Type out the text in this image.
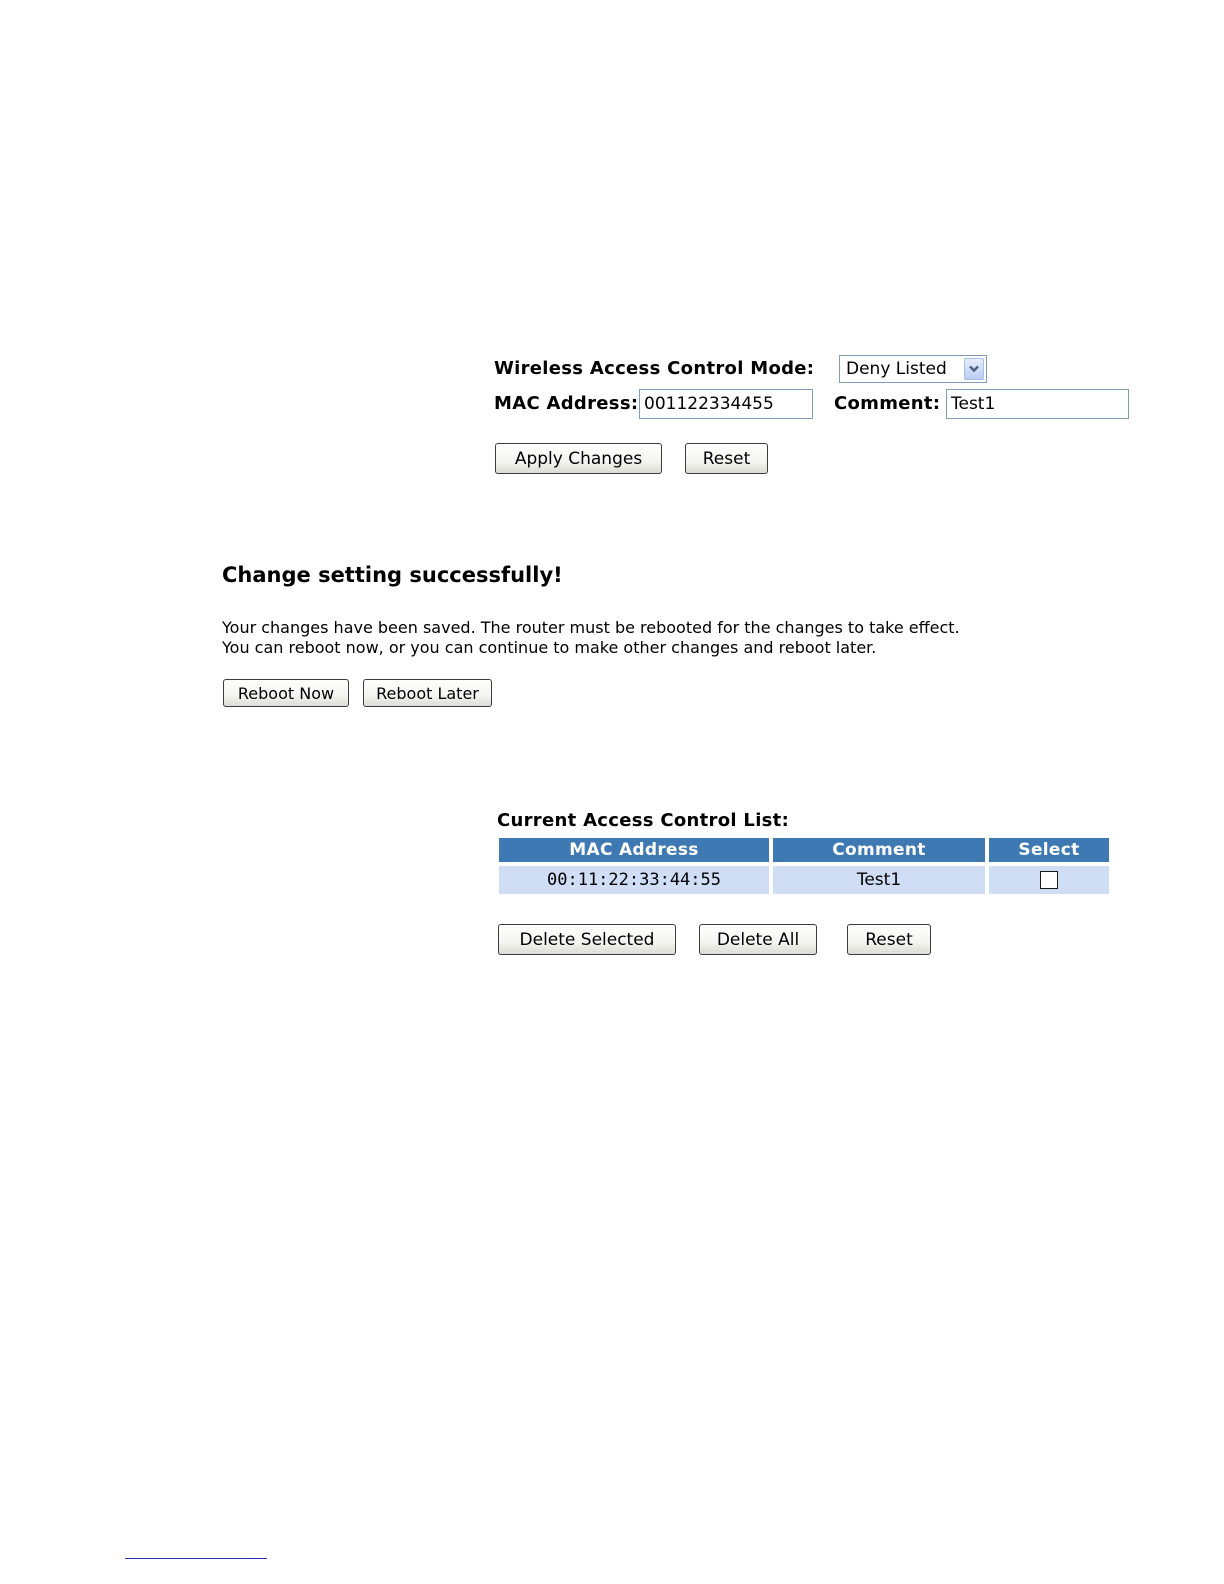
Wireless Access Control Mode:	Deny Listed
MAC Address: 001122334455	Comment: Test1
Apply Changes	Reset
Change setting successfully!
Your changes have been saved. The router must be rebooted for the changes to take effect.
You can reboot now, or you can continue to make other changes and reboot later.
Reboot Now	Reboot Later
Current Access Control List:
MAC Address	Comment	Select
00:11:22:33:44:55	Test1
Delete Selected	Delete All	Reset
